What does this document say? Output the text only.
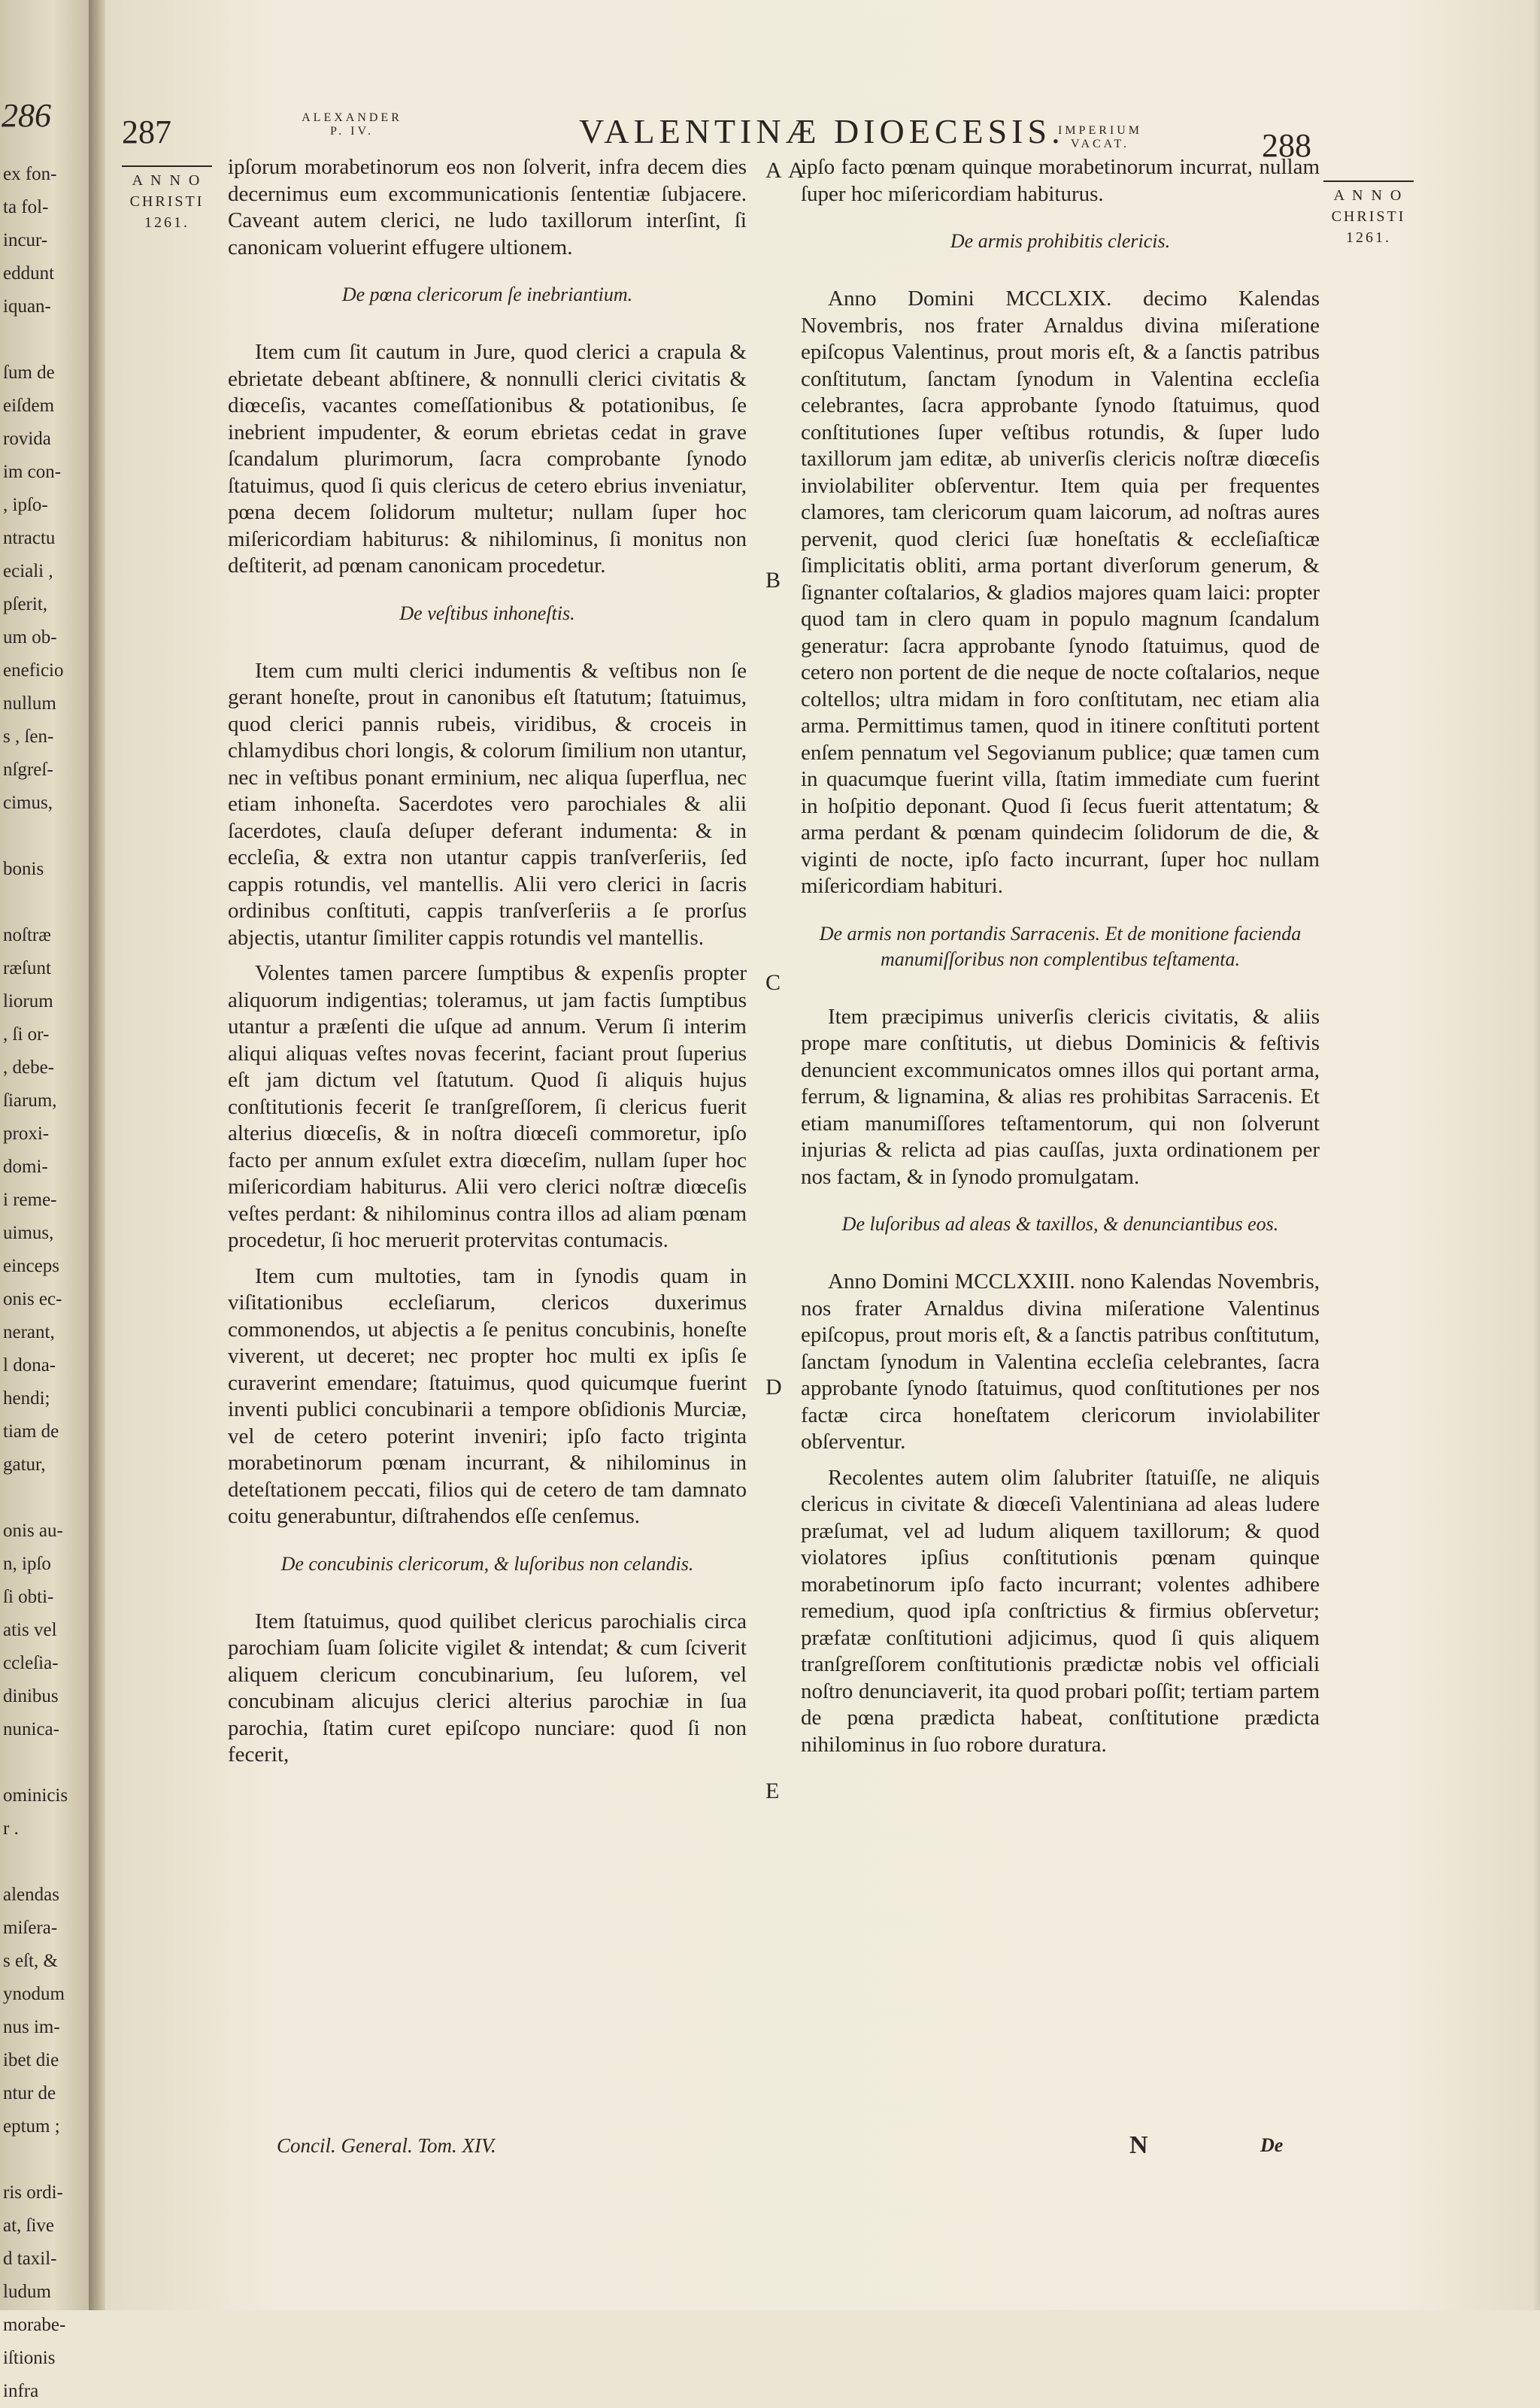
286
ex fon-
ta fol-
incur-
eddunt
iquan-

ſum de
eiſdem
rovida
im con-
, ipſo-
ntractu
eciali ,
pſerit,
um ob-
eneficio
nullum
s , ſen-
nſgreſ-
cimus,

bonis

noſtræ
ræſunt
liorum
, ſi or-
, debe-
ſiarum,
proxi-
domi-
i reme-
uimus,
einceps
onis ec-
nerant,
l dona-
hendi;
tiam de
gatur,

onis au-
n, ipſo
ſi obti-
atis vel
ccleſia-
dinibus
nunica-

ominicis
r .

alendas
miſera-
s eſt, &
ynodum
nus im-
ibet die
ntur de
eptum ;

ris ordi-
at, ſive
d taxil-
ludum
morabe-
iſtionis
infra
287	ALEXANDER
P. IV.	VALENTINÆ DIOECESIS.
IMPERIUM
VACAT.	288
A N N O
CHRISTI
1261.
A N N O
CHRISTI
1261.
A A
B
C
D
E

ipſorum morabetinorum eos non ſolverit, infra decem dies decernimus eum excommunicationis ſententiæ ſubjacere. Caveant autem clerici, ne ludo taxillorum interſint, ſi canonicam voluerint effugere ultionem.

De pœna clericorum ſe inebriantium.

Item cum ſit cautum in Jure, quod clerici a crapula & ebrietate debeant abſtinere, & nonnulli clerici civitatis & diœceſis, vacantes comeſſationibus & potationibus, ſe inebrient impudenter, & eorum ebrietas cedat in grave ſcandalum plurimorum, ſacra comprobante ſynodo ſtatuimus, quod ſi quis clericus de cetero ebrius inveniatur, pœna decem ſolidorum multetur; nullam ſuper hoc miſericordiam habiturus: & nihilominus, ſi monitus non deſtiterit, ad pœnam canonicam procedetur.

De veſtibus inhoneſtis.

Item cum multi clerici indumentis & veſtibus non ſe gerant honeſte, prout in canonibus eſt ſtatutum; ſtatuimus, quod clerici pannis rubeis, viridibus, & croceis in chlamydibus chori longis, & colorum ſimilium non utantur, nec in veſtibus ponant erminium, nec aliqua ſuperflua, nec etiam inhoneſta. Sacerdotes vero parochiales & alii ſacerdotes, clauſa deſuper deferant indumenta: & in eccleſia, & extra non utantur cappis tranſverſeriis, ſed cappis rotundis, vel mantellis. Alii vero clerici in ſacris ordinibus conſtituti, cappis tranſverſeriis a ſe prorſus abjectis, utantur ſimiliter cappis rotundis vel mantellis.

Volentes tamen parcere ſumptibus & expenſis propter aliquorum indigentias; toleramus, ut jam factis ſumptibus utantur a præſenti die uſque ad annum. Verum ſi interim aliqui aliquas veſtes novas fecerint, faciant prout ſuperius eſt jam dictum vel ſtatutum. Quod ſi aliquis hujus conſtitutionis fecerit ſe tranſgreſſorem, ſi clericus fuerit alterius diœceſis, & in noſtra diœceſi commoretur, ipſo facto per annum exſulet extra diœceſim, nullam ſuper hoc miſericordiam habiturus. Alii vero clerici noſtræ diœceſis veſtes perdant: & nihilominus contra illos ad aliam pœnam procedetur, ſi hoc meruerit protervitas contumacis.

Item cum multoties, tam in ſynodis quam in viſitationibus eccleſiarum, clericos duxerimus commonendos, ut abjectis a ſe penitus concubinis, honeſte viverent, ut deceret; nec propter hoc multi ex ipſis ſe curaverint emendare; ſtatuimus, quod quicumque fuerint inventi publici concubinarii a tempore obſidionis Murciæ, vel de cetero poterint inveniri; ipſo facto triginta morabetinorum pœnam incurrant, & nihilominus in deteſtationem peccati, filios qui de cetero de tam damnato coitu generabuntur, diſtrahendos eſſe cenſemus.

De concubinis clericorum, & luſoribus non celandis.

Item ſtatuimus, quod quilibet clericus parochialis circa parochiam ſuam ſolicite vigilet & intendat; & cum ſciverit aliquem clericum concubinarium, ſeu luſorem, vel concubinam alicujus clerici alterius parochiæ in ſua parochia, ſtatim curet epiſcopo nunciare: quod ſi non fecerit,

ipſo facto pœnam quinque morabetinorum incurrat, nullam ſuper hoc miſericordiam habiturus.

De armis prohibitis clericis.

Anno Domini MCCLXIX. decimo Kalendas Novembris, nos frater Arnaldus divina miſeratione epiſcopus Valentinus, prout moris eſt, & a ſanctis patribus conſtitutum, ſanctam ſynodum in Valentina eccleſia celebrantes, ſacra approbante ſynodo ſtatuimus, quod conſtitutiones ſuper veſtibus rotundis, & ſuper ludo taxillorum jam editæ, ab univerſis clericis noſtræ diœceſis inviolabiliter obſerventur. Item quia per frequentes clamores, tam clericorum quam laicorum, ad noſtras aures pervenit, quod clerici ſuæ honeſtatis & eccleſiaſticæ ſimplicitatis obliti, arma portant diverſorum generum, & ſignanter coſtalarios, & gladios majores quam laici: propter quod tam in clero quam in populo magnum ſcandalum generatur: ſacra approbante ſynodo ſtatuimus, quod de cetero non portent de die neque de nocte coſtalarios, neque coltellos; ultra midam in foro conſtitutam, nec etiam alia arma. Permittimus tamen, quod in itinere conſtituti portent enſem pennatum vel Segovianum publice; quæ tamen cum in quacumque fuerint villa, ſtatim immediate cum fuerint in hoſpitio deponant. Quod ſi ſecus fuerit attentatum; & arma perdant & pœnam quindecim ſolidorum de die, & viginti de nocte, ipſo facto incurrant, ſuper hoc nullam miſericordiam habituri.

De armis non portandis Sarracenis. Et de monitione facienda manumiſſoribus non complentibus teſtamenta.

Item præcipimus univerſis clericis civitatis, & aliis prope mare conſtitutis, ut diebus Dominicis & feſtivis denuncient excommunicatos omnes illos qui portant arma, ferrum, & lignamina, & alias res prohibitas Sarracenis. Et etiam manumiſſores teſtamentorum, qui non ſolverunt injurias & relicta ad pias cauſſas, juxta ordinationem per nos factam, & in ſynodo promulgatam.

De luſoribus ad aleas & taxillos, & denunciantibus eos.

Anno Domini MCCLXXIII. nono Kalendas Novembris, nos frater Arnaldus divina miſeratione Valentinus epiſcopus, prout moris eſt, & a ſanctis patribus conſtitutum, ſanctam ſynodum in Valentina eccleſia celebrantes, ſacra approbante ſynodo ſtatuimus, quod conſtitutiones per nos factæ circa honeſtatem clericorum inviolabiliter obſerventur.

Recolentes autem olim ſalubriter ſtatuiſſe, ne aliquis clericus in civitate & diœceſi Valentiniana ad aleas ludere præſumat, vel ad ludum aliquem taxillorum; & quod violatores ipſius conſtitutionis pœnam quinque morabetinorum ipſo facto incurrant; volentes adhibere remedium, quod ipſa conſtrictius & firmius obſervetur; præfatæ conſtitutioni adjicimus, quod ſi quis aliquem tranſgreſſorem conſtitutionis prædictæ nobis vel officiali noſtro denunciaverit, ita quod probari poſſit; tertiam partem de pœna prædicta habeat, conſtitutione prædicta nihilominus in ſuo robore duratura.

Concil. General. Tom. XIV.	N	De
